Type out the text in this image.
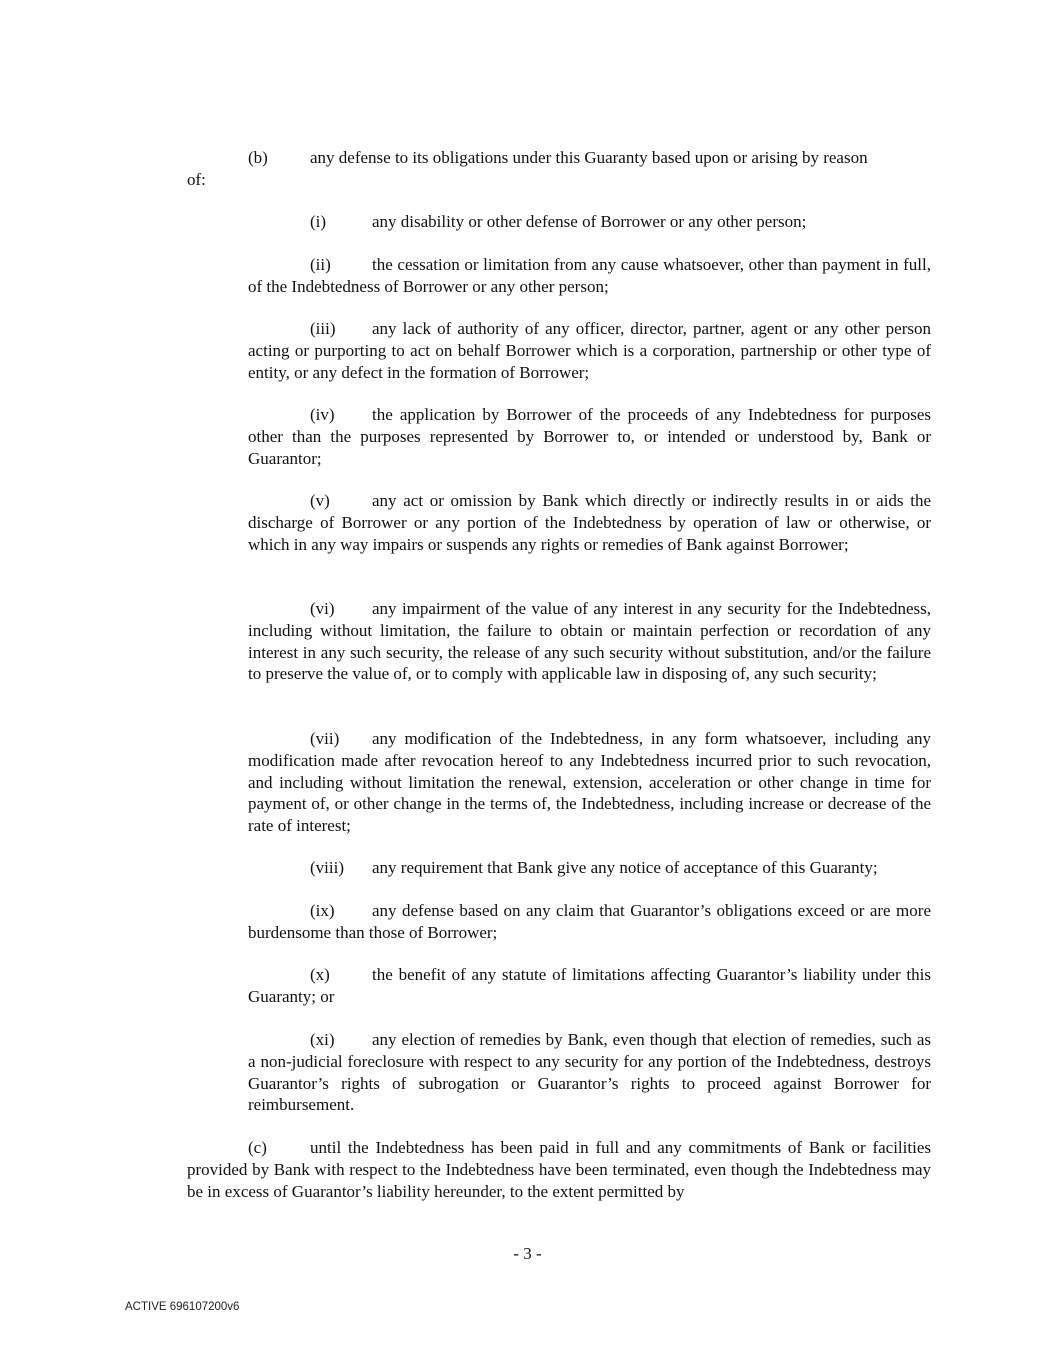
(b) any defense to its obligations under this Guaranty based upon or arising by reason
of:

(i)	any disability or other defense of Borrower or any other person;

(ii) the cessation or limitation from any cause whatsoever, other than payment in full, of the Indebtedness of Borrower or any other person;

(iii) any lack of authority of any officer, director, partner, agent or any other person acting or purporting to act on behalf Borrower which is a corporation, partnership or other type of entity, or any defect in the formation of Borrower;

(iv) the application by Borrower of the proceeds of any Indebtedness for purposes other than the purposes represented by Borrower to, or intended or understood by, Bank or Guarantor;

(v) any act or omission by Bank which directly or indirectly results in or aids the discharge of Borrower or any portion of the Indebtedness by operation of law or otherwise, or which in any way impairs or suspends any rights or remedies of Bank against Borrower;

(vi) any impairment of the value of any interest in any security for the Indebtedness, including without limitation, the failure to obtain or maintain perfection or recordation of any interest in any such security, the release of any such security without substitution, and/or the failure to preserve the value of, or to comply with applicable law in disposing of, any such security;

(vii) any modification of the Indebtedness, in any form whatsoever, including any modification made after revocation hereof to any Indebtedness incurred prior to such revocation, and including without limitation the renewal, extension, acceleration or other change in time for payment of, or other change in the terms of, the Indebtedness, including increase or decrease of the rate of interest;

(viii) any requirement that Bank give any notice of acceptance of this Guaranty;

(ix) any defense based on any claim that Guarantor’s obligations exceed or are more burdensome than those of Borrower;

(x) the benefit of any statute of limitations affecting Guarantor’s liability under this Guaranty; or

(xi) any election of remedies by Bank, even though that election of remedies, such as a non-judicial foreclosure with respect to any security for any portion of the Indebtedness, destroys Guarantor’s rights of subrogation or Guarantor’s rights to proceed against Borrower for reimbursement.

(c)	until the Indebtedness has been paid in full and any commitments of Bank or facilities provided by Bank with respect to the Indebtedness have been terminated, even though the Indebtedness may be in excess of Guarantor’s liability hereunder, to the extent permitted by

- 3 -
ACTIVE 696107200v6
